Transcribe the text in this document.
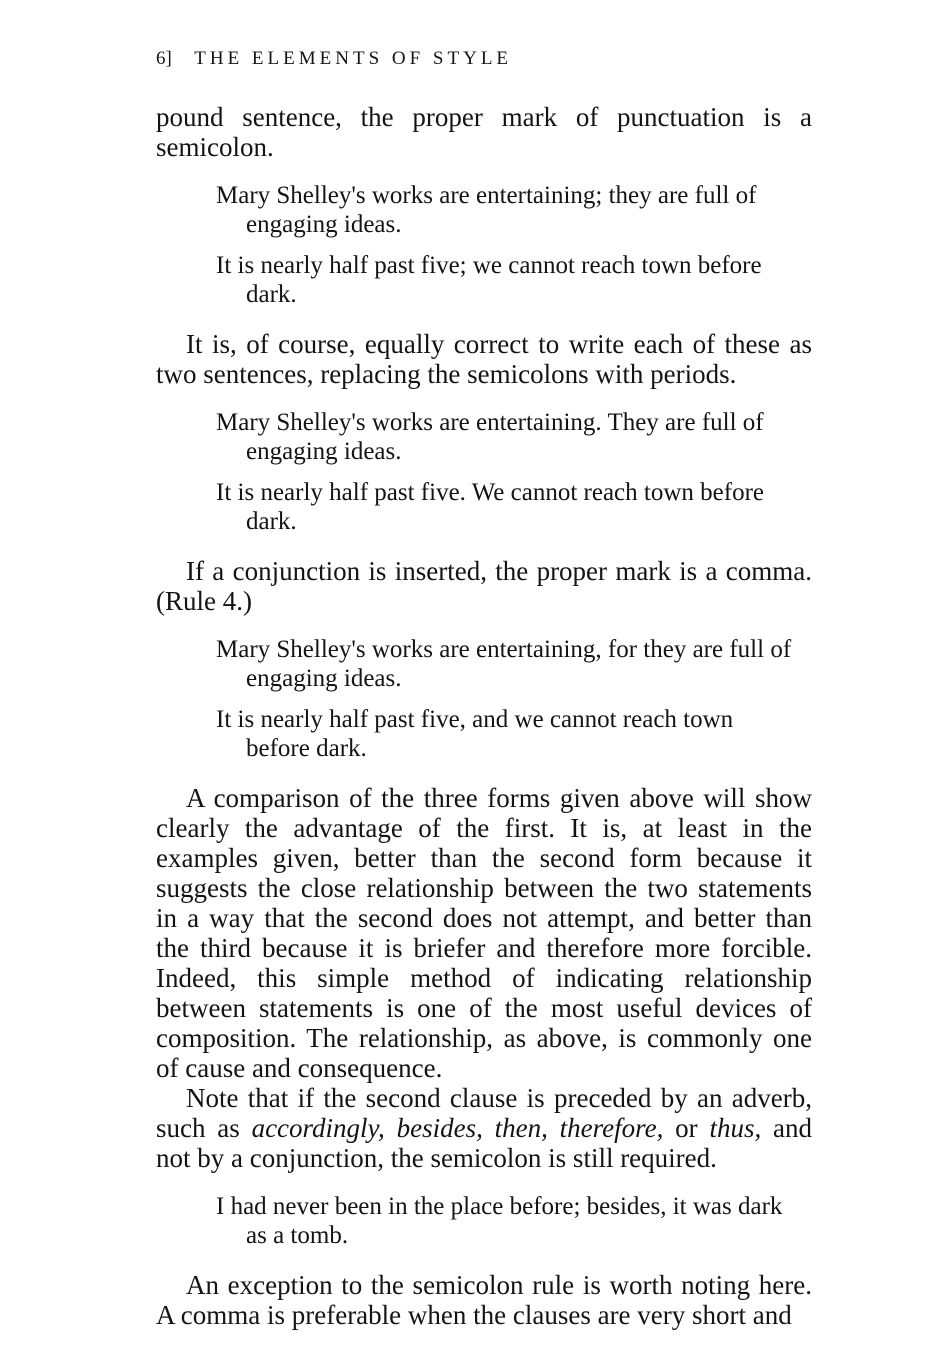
6] THE ELEMENTS OF STYLE

pound sentence, the proper mark of punctuation is a semicolon.

Mary Shelley's works are entertaining; they are full of engaging ideas.

It is nearly half past five; we cannot reach town before dark.

It is, of course, equally correct to write each of these as two sentences, replacing the semicolons with periods.

Mary Shelley's works are entertaining. They are full of engaging ideas.

It is nearly half past five. We cannot reach town before dark.

If a conjunction is inserted, the proper mark is a comma. (Rule 4.)

Mary Shelley's works are entertaining, for they are full of engaging ideas.

It is nearly half past five, and we cannot reach town before dark.

A comparison of the three forms given above will show clearly the advantage of the first. It is, at least in the examples given, better than the second form because it suggests the close relationship between the two statements in a way that the second does not attempt, and better than the third because it is briefer and therefore more forcible. Indeed, this simple method of indicating relationship between statements is one of the most useful devices of composition. The relationship, as above, is commonly one of cause and consequence.

Note that if the second clause is preceded by an adverb, such as accordingly, besides, then, therefore, or thus, and not by a conjunction, the semicolon is still required.

I had never been in the place before; besides, it was dark as a tomb.

An exception to the semicolon rule is worth noting here. A comma is preferable when the clauses are very short and
